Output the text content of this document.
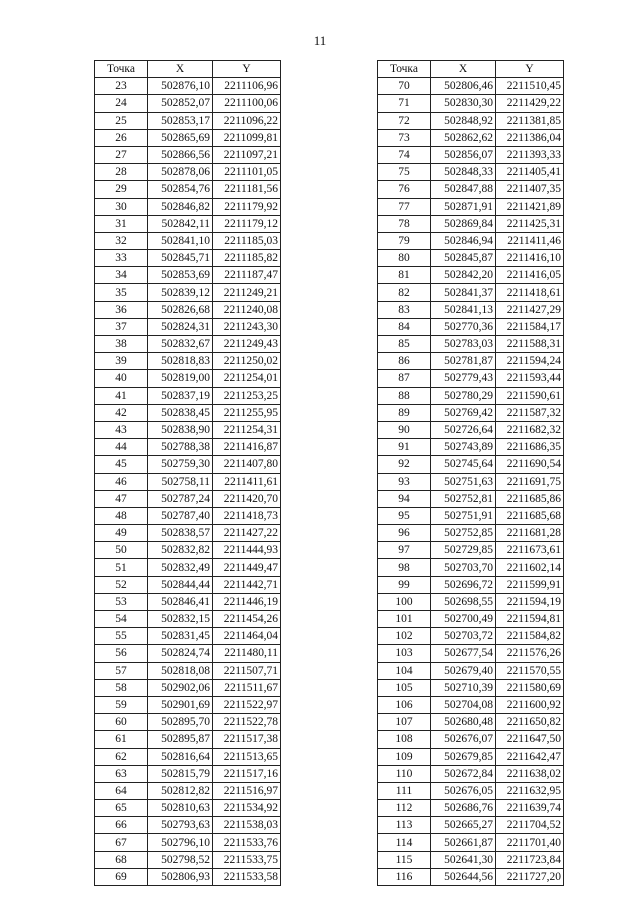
11
Точка	X	Y
23	502876,10	2211106,96
24	502852,07	2211100,06
25	502853,17	2211096,22
26	502865,69	2211099,81
27	502866,56	2211097,21
28	502878,06	2211101,05
29	502854,76	2211181,56
30	502846,82	2211179,92
31	502842,11	2211179,12
32	502841,10	2211185,03
33	502845,71	2211185,82
34	502853,69	2211187,47
35	502839,12	2211249,21
36	502826,68	2211240,08
37	502824,31	2211243,30
38	502832,67	2211249,43
39	502818,83	2211250,02
40	502819,00	2211254,01
41	502837,19	2211253,25
42	502838,45	2211255,95
43	502838,90	2211254,31
44	502788,38	2211416,87
45	502759,30	2211407,80
46	502758,11	2211411,61
47	502787,24	2211420,70
48	502787,40	2211418,73
49	502838,57	2211427,22
50	502832,82	2211444,93
51	502832,49	2211449,47
52	502844,44	2211442,71
53	502846,41	2211446,19
54	502832,15	2211454,26
55	502831,45	2211464,04
56	502824,74	2211480,11
57	502818,08	2211507,71
58	502902,06	2211511,67
59	502901,69	2211522,97
60	502895,70	2211522,78
61	502895,87	2211517,38
62	502816,64	2211513,65
63	502815,79	2211517,16
64	502812,82	2211516,97
65	502810,63	2211534,92
66	502793,63	2211538,03
67	502796,10	2211533,76
68	502798,52	2211533,75
69	502806,93	2211533,58
Точка	X	Y
70	502806,46	2211510,45
71	502830,30	2211429,22
72	502848,92	2211381,85
73	502862,62	2211386,04
74	502856,07	2211393,33
75	502848,33	2211405,41
76	502847,88	2211407,35
77	502871,91	2211421,89
78	502869,84	2211425,31
79	502846,94	2211411,46
80	502845,87	2211416,10
81	502842,20	2211416,05
82	502841,37	2211418,61
83	502841,13	2211427,29
84	502770,36	2211584,17
85	502783,03	2211588,31
86	502781,87	2211594,24
87	502779,43	2211593,44
88	502780,29	2211590,61
89	502769,42	2211587,32
90	502726,64	2211682,32
91	502743,89	2211686,35
92	502745,64	2211690,54
93	502751,63	2211691,75
94	502752,81	2211685,86
95	502751,91	2211685,68
96	502752,85	2211681,28
97	502729,85	2211673,61
98	502703,70	2211602,14
99	502696,72	2211599,91
100	502698,55	2211594,19
101	502700,49	2211594,81
102	502703,72	2211584,82
103	502677,54	2211576,26
104	502679,40	2211570,55
105	502710,39	2211580,69
106	502704,08	2211600,92
107	502680,48	2211650,82
108	502676,07	2211647,50
109	502679,85	2211642,47
110	502672,84	2211638,02
111	502676,05	2211632,95
112	502686,76	2211639,74
113	502665,27	2211704,52
114	502661,87	2211701,40
115	502641,30	2211723,84
116	502644,56	2211727,20
